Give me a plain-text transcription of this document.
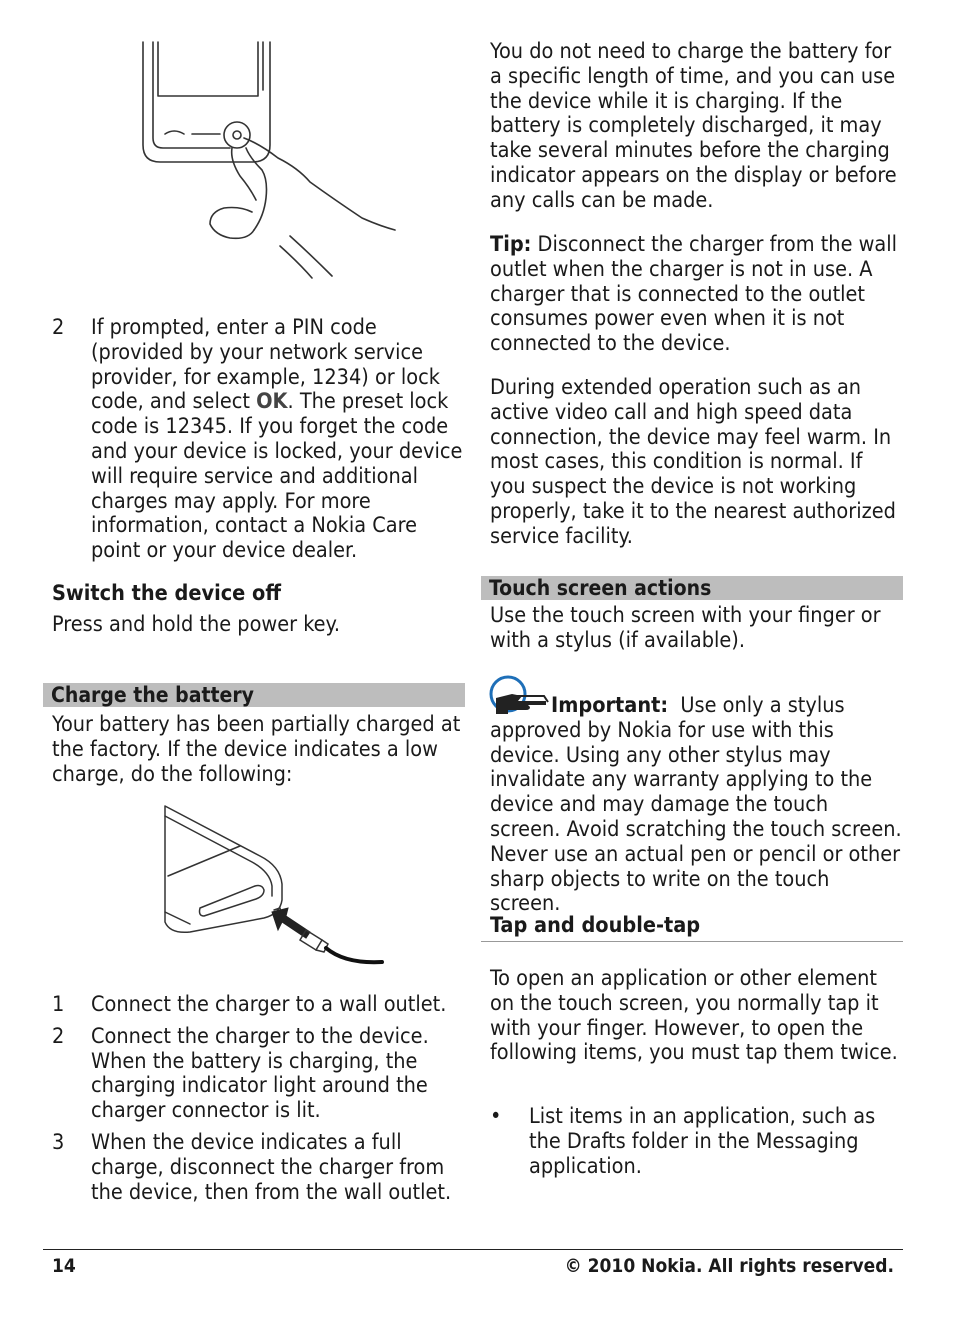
2 If prompted, enter a PIN code (provided by your network service provider, for example, 1234) or lock code, and select OK. The preset lock code is 12345. If you forget the code and your device is locked, your device will require service and additional charges may apply. For more information, contact a Nokia Care point or your device dealer.

Switch the device off
Press and hold the power key.
Charge the battery
Your battery has been partially charged at the factory. If the device indicates a low charge, do the following:
1 Connect the charger to a wall outlet.

2 Connect the charger to the device. When the battery is charging, the charging indicator light around the charger connector is lit.

3 When the device indicates a full charge, disconnect the charger from the device, then from the wall outlet.

You do not need to charge the battery for a specific length of time, and you can use the device while it is charging. If the battery is completely discharged, it may take several minutes before the charging indicator appears on the display or before any calls can be made.

Tip: Disconnect the charger from the wall outlet when the charger is not in use. A charger that is connected to the outlet consumes power even when it is not connected to the device.

During extended operation such as an active video call and high speed data connection, the device may feel warm. In most cases, this condition is normal. If you suspect the device is not working properly, take it to the nearest authorized service facility.
Touch screen actions
Use the touch screen with your finger or with a stylus (if available).

Important: Use only a stylus approved by Nokia for use with this device. Using any other stylus may invalidate any warranty applying to the device and may damage the touch screen. Avoid scratching the touch screen. Never use an actual pen or pencil or other sharp objects to write on the touch screen.

Tap and double-tap
To open an application or other element on the touch screen, you normally tap it with your finger. However, to open the following items, you must tap them twice.
• List items in an application, such as the Drafts folder in the Messaging application.

14	© 2010 Nokia. All rights reserved.
